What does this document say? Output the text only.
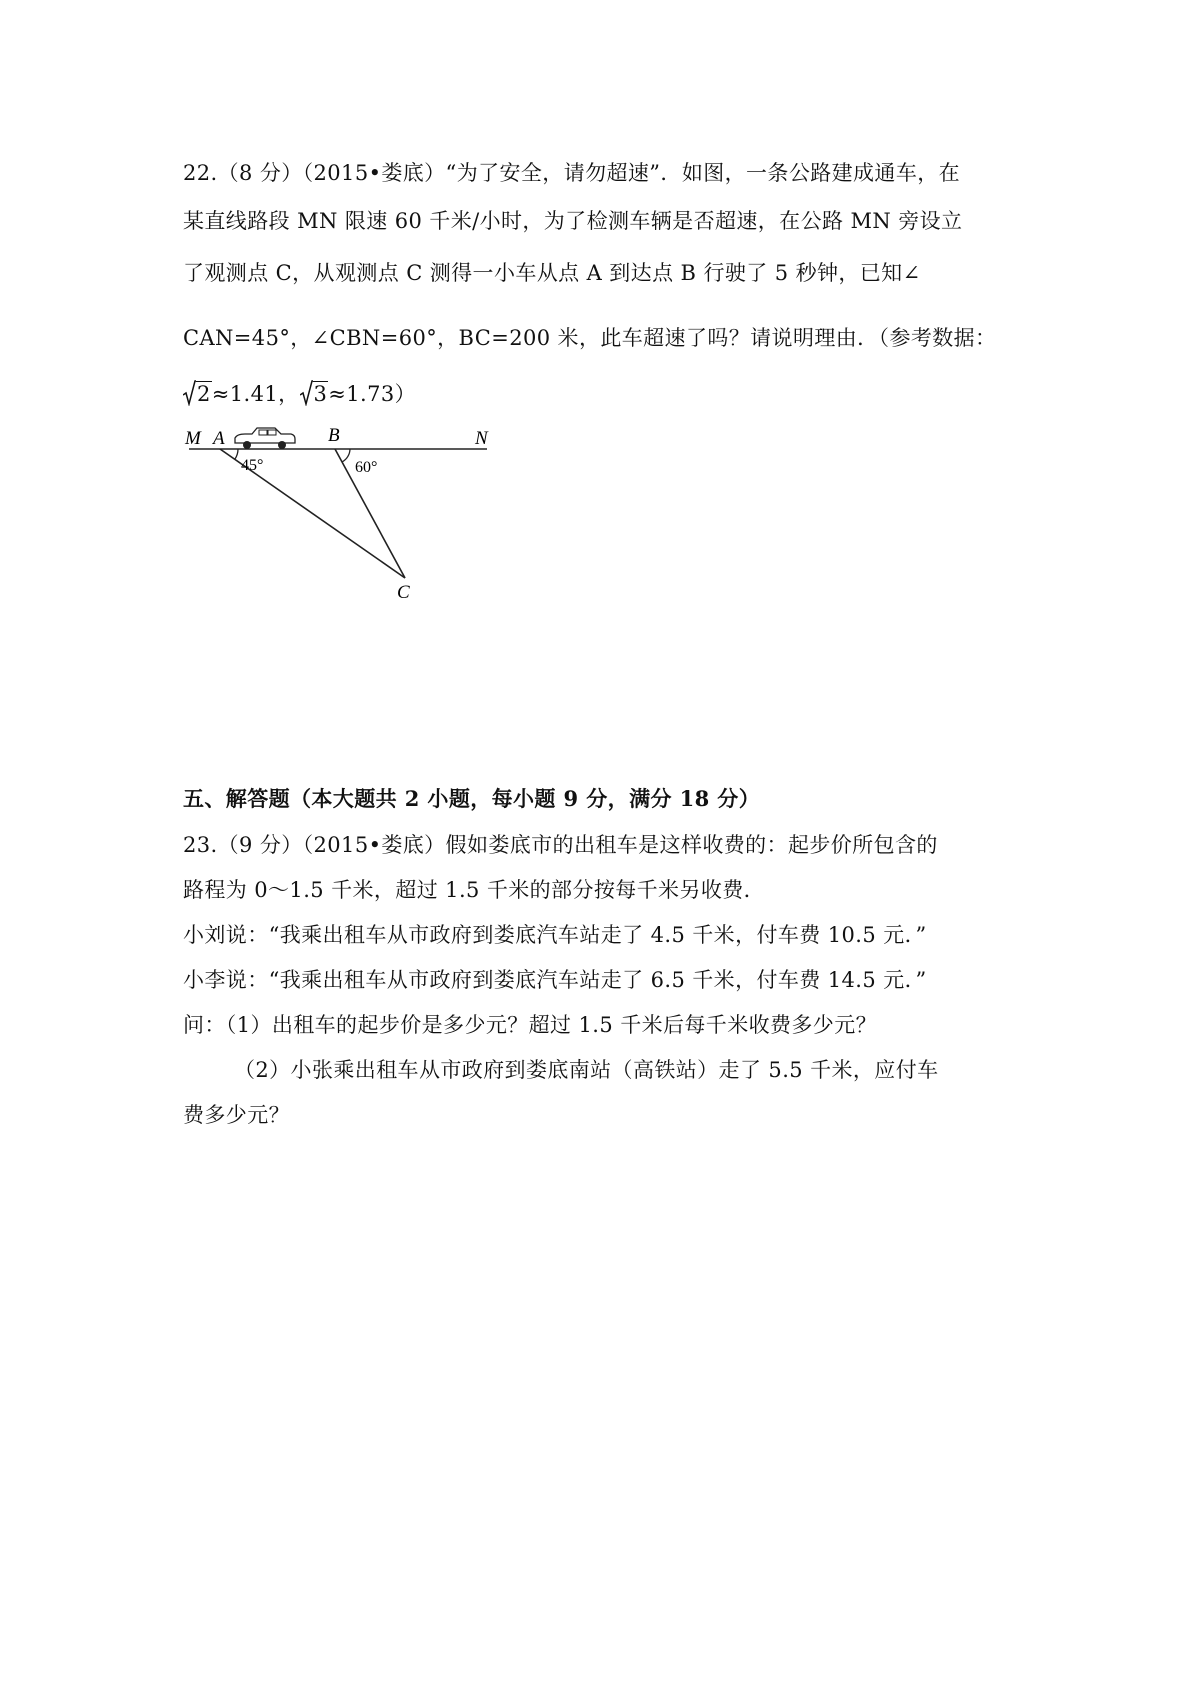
22.（8 分）（2015•娄底）“为了安全，请勿超速”．如图，一条公路建成通车，在
某直线路段 MN 限速 60 千米/小时，为了检测车辆是否超速，在公路 MN 旁设立
了观测点 C，从观测点 C 测得一小车从点 A 到达点 B 行驶了 5 秒钟，已知∠
CAN=45°，∠CBN=60°，BC=200 米，此车超速了吗？请说明理由．（参考数据：
2≈1.41， 3≈1.73）
M A	B	N
C
45°	60°
五、解答题（本大题共 2 小题，每小题 9 分，满分 18 分）
23.（9 分）（2015•娄底）假如娄底市的出租车是这样收费的：起步价所包含的
路程为 0～1.5 千米，超过 1.5 千米的部分按每千米另收费．
小刘说：“我乘出租车从市政府到娄底汽车站走了 4.5 千米，付车费 10.5 元．”
小李说：“我乘出租车从市政府到娄底汽车站走了 6.5 千米，付车费 14.5 元．”
问：（1）出租车的起步价是多少元？超过 1.5 千米后每千米收费多少元？
（2）小张乘出租车从市政府到娄底南站（高铁站）走了 5.5 千米，应付车
费多少元？
